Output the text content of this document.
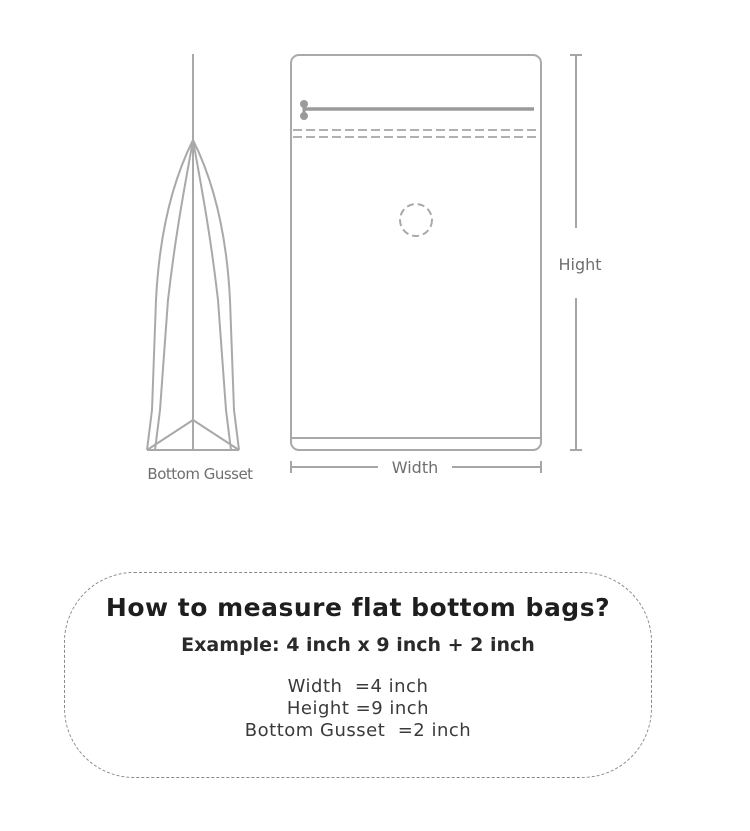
Bottom Gusset	Width
Hight
How to measure flat bottom bags?
Example: 4 inch x 9 inch + 2 inch
Width  =4 inch
Height =9 inch
Bottom Gusset  =2 inch
